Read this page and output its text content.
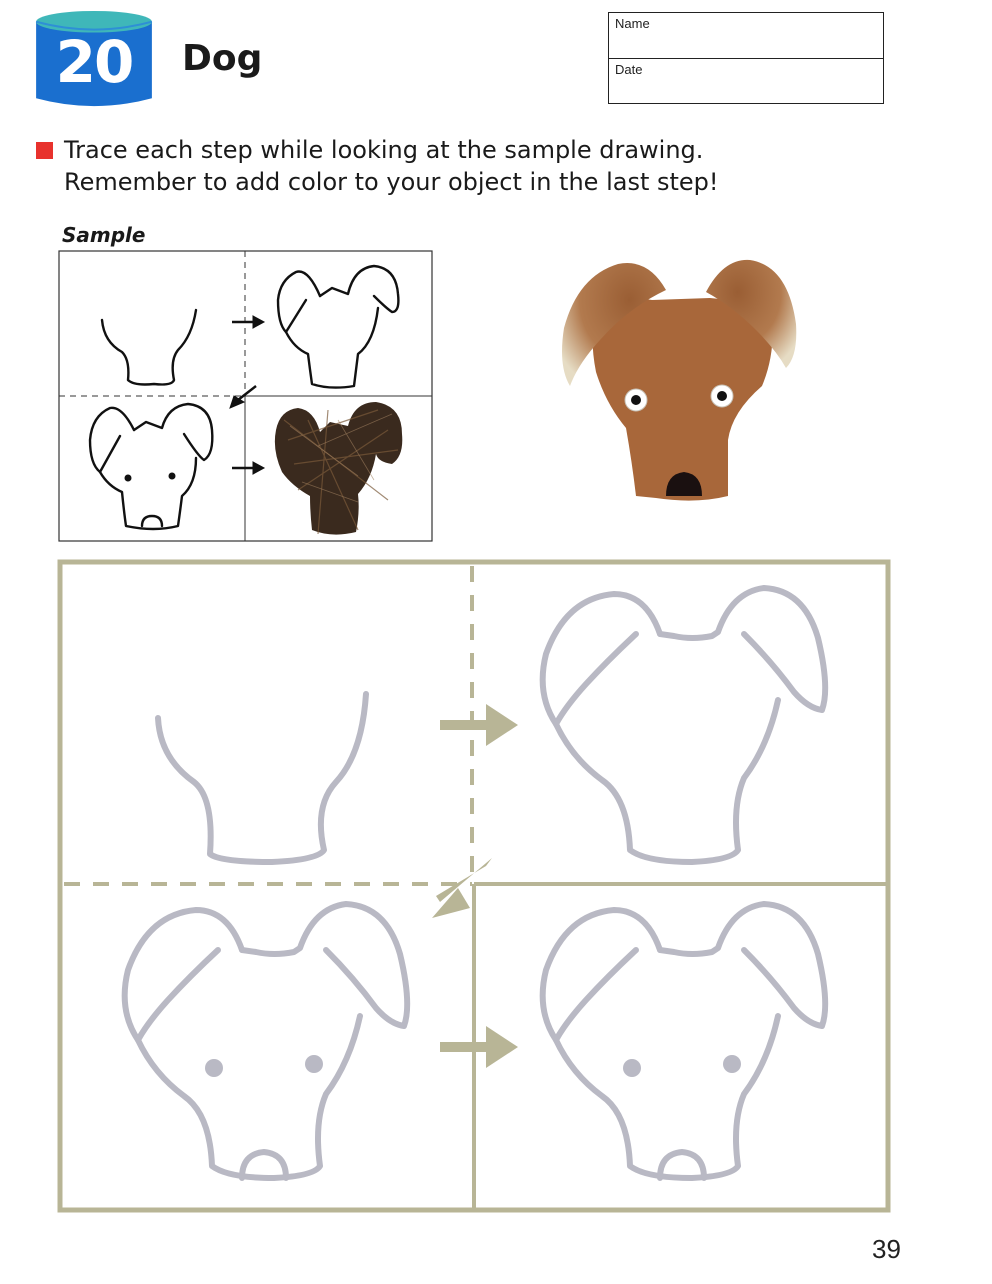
20	Dog
Name
Date
Trace each step while looking at the sample drawing.
Remember to add color to your object in the last step!
Sample
39
